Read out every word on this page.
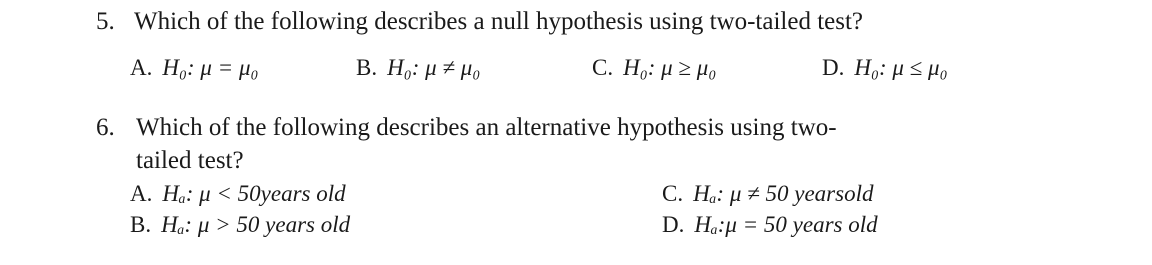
5. Which of the following describes a null hypothesis using two-tailed test?
A. H₀: μ = μ₀	B. H₀: μ ≠ μ₀	C. H₀: μ ≥ μ₀	D. H₀: μ ≤ μ₀
6. Which of the following describes an alternative hypothesis using two-
tailed test?
A. Hₐ: μ < 50years old
B. Hₐ: μ > 50 years old
C. Hₐ: μ ≠ 50 yearsold
D. Hₐ:μ = 50 years old
